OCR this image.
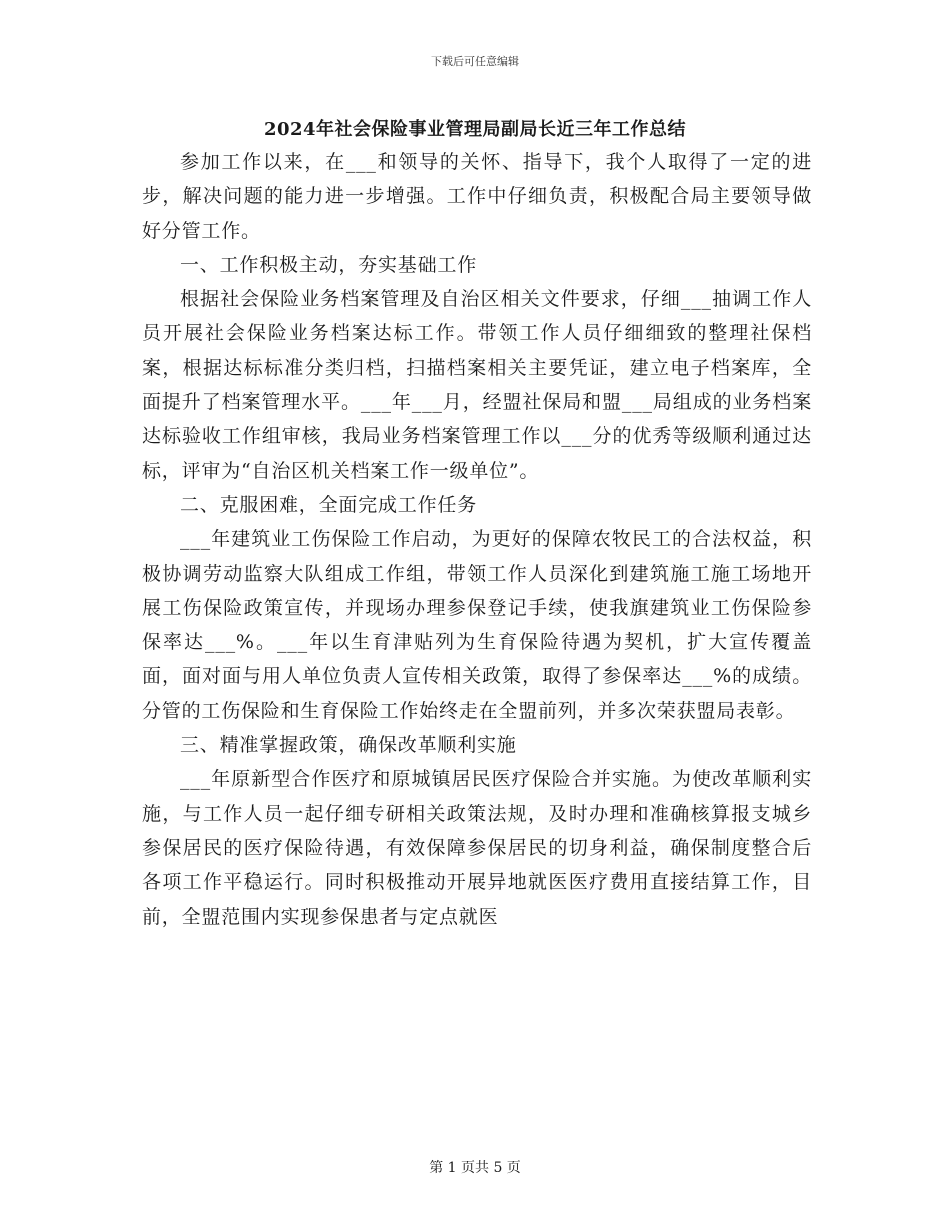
下载后可任意编辑
2024年社会保险事业管理局副局长近三年工作总结

参加工作以来，在___和领导的关怀、指导下，我个人取得了一定的进步，解决问题的能力进一步增强。工作中仔细负责，积极配合局主要领导做好分管工作。

一、工作积极主动，夯实基础工作

根据社会保险业务档案管理及自治区相关文件要求，仔细___抽调工作人员开展社会保险业务档案达标工作。带领工作人员仔细细致的整理社保档案，根据达标标准分类归档，扫描档案相关主要凭证，建立电子档案库，全面提升了档案管理水平。___年___月，经盟社保局和盟___局组成的业务档案达标验收工作组审核，我局业务档案管理工作以___分的优秀等级顺利通过达标，评审为“自治区机关档案工作一级单位”。

二、克服困难，全面完成工作任务

___年建筑业工伤保险工作启动，为更好的保障农牧民工的合法权益，积极协调劳动监察大队组成工作组，带领工作人员深化到建筑施工施工场地开展工伤保险政策宣传，并现场办理参保登记手续，使我旗建筑业工伤保险参保率达___%。___年以生育津贴列为生育保险待遇为契机，扩大宣传覆盖面，面对面与用人单位负责人宣传相关政策，取得了参保率达___%的成绩。分管的工伤保险和生育保险工作始终走在全盟前列，并多次荣获盟局表彰。

三、精准掌握政策，确保改革顺利实施

___年原新型合作医疗和原城镇居民医疗保险合并实施。为使改革顺利实施，与工作人员一起仔细专研相关政策法规，及时办理和准确核算报支城乡参保居民的医疗保险待遇，有效保障参保居民的切身利益，确保制度整合后各项工作平稳运行。同时积极推动开展异地就医医疗费用直接结算工作，目前，全盟范围内实现参保患者与定点就医

第 1 页共 5 页
